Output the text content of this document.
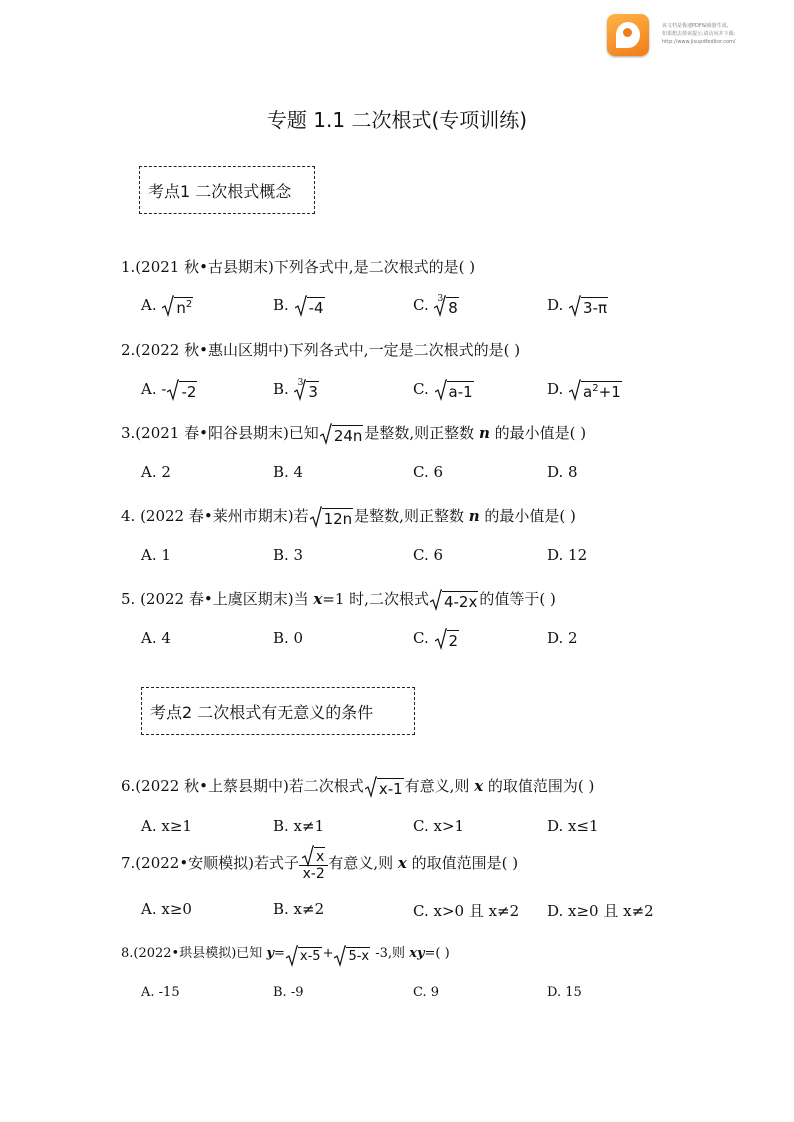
该文档是极速PDF编辑器生成,
如果想去掉该提示,请访问并下载:
http://www.jisupdfeditor.com/
专题 1.1 二次根式(专项训练)
考点1 二次根式概念
1.(2021 秋•古县期末)下列各式中,是二次根式的是( )
A. $n^2$	B. -4	C. $^3$ 8	D. 3-π
2.(2022 秋•惠山区期中)下列各式中,一定是二次根式的是( )
A. - -2	B. $^3$ 3	C. a-1	D. $a^2+1$
3.(2021 春•阳谷县期末)已知 24n 是整数,则正整数 n 的最小值是( )
A. 2	B. 4	C. 6	D. 8
4. (2022 春•莱州市期末)若 12n 是整数,则正整数 n 的最小值是( )
A. 1	B. 3	C. 6	D. 12
5. (2022 春•上虞区期末)当 x=1 时,二次根式 4-2x 的值等于( )
A. 4	B. 0	C. 2	D. 2
考点2 二次根式有无意义的条件
6.(2022 秋•上蔡县期中)若二次根式 x-1 有意义,则 x 的取值范围为( )
A. x≥1	B. x≠1	C. x>1	D. x≤1
7.(2022•安顺模拟)若式子 $\frac{x}{x-2}$ 有意义,则 x 的取值范围是( )
A. x≥0	B. x≠2	C. x>0 且 x≠2 D. x≥0 且 x≠2
8.(2022•珙县模拟)已知 y= x-5 + 5-x -3,则 xy=( )
A. -15	B. -9	C. 9	D. 15
